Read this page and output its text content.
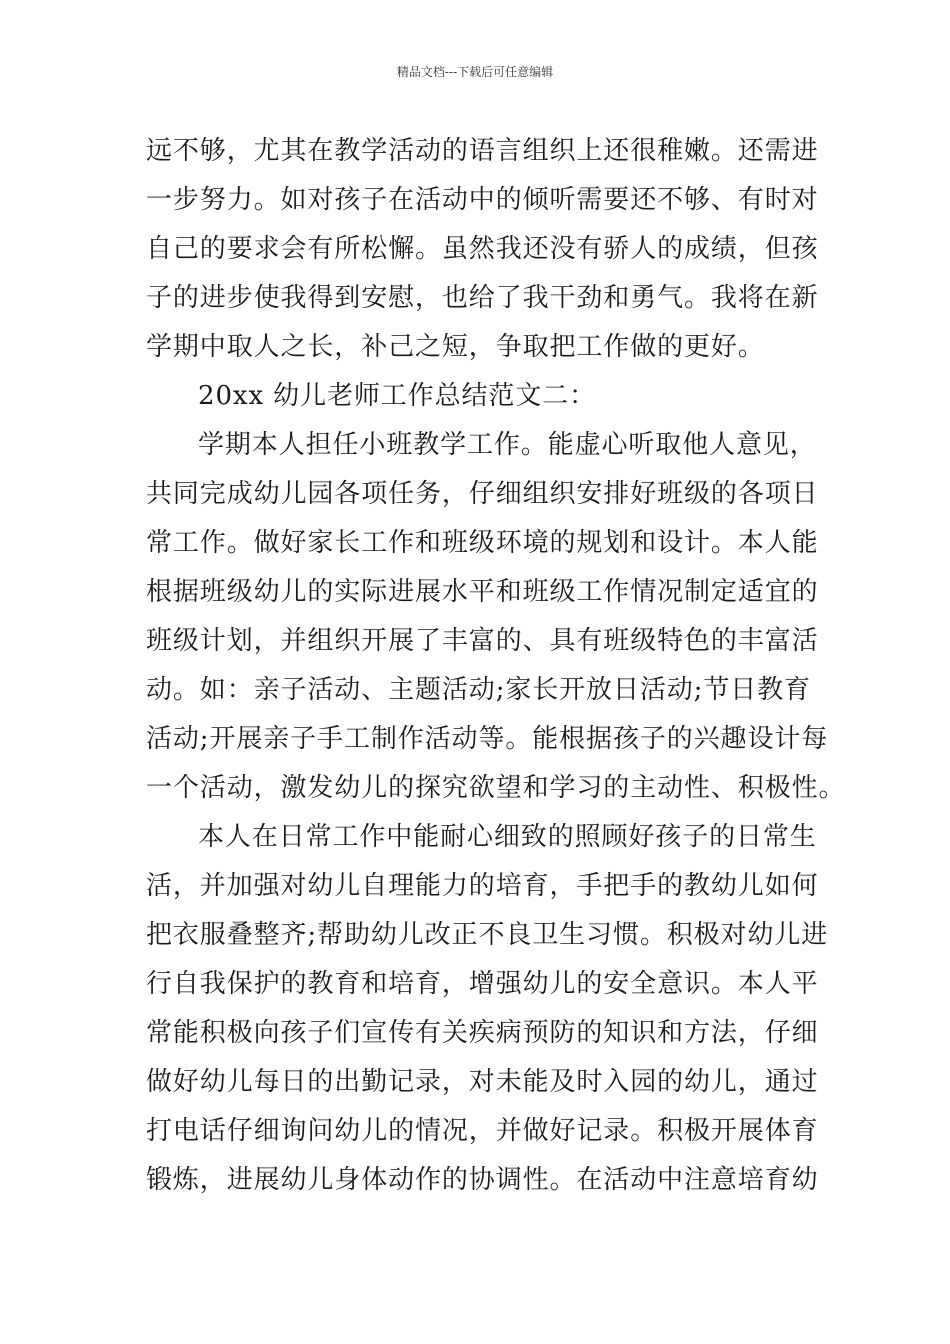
精品文档---下载后可任意编辑
远不够，尤其在教学活动的语言组织上还很稚嫩。还需进
一步努力。如对孩子在活动中的倾听需要还不够、有时对
自己的要求会有所松懈。虽然我还没有骄人的成绩，但孩
子的进步使我得到安慰，也给了我干劲和勇气。我将在新
学期中取人之长，补己之短，争取把工作做的更好。
20xx 幼儿老师工作总结范文二：
学期本人担任小班教学工作。能虚心听取他人意见，
共同完成幼儿园各项任务，仔细组织安排好班级的各项日
常工作。做好家长工作和班级环境的规划和设计。本人能
根据班级幼儿的实际进展水平和班级工作情况制定适宜的
班级计划，并组织开展了丰富的、具有班级特色的丰富活
动。如：亲子活动、主题活动;家长开放日活动;节日教育
活动;开展亲子手工制作活动等。能根据孩子的兴趣设计每
一个活动，激发幼儿的探究欲望和学习的主动性、积极性。
本人在日常工作中能耐心细致的照顾好孩子的日常生
活，并加强对幼儿自理能力的培育，手把手的教幼儿如何
把衣服叠整齐;帮助幼儿改正不良卫生习惯。积极对幼儿进
行自我保护的教育和培育，增强幼儿的安全意识。本人平
常能积极向孩子们宣传有关疾病预防的知识和方法，仔细
做好幼儿每日的出勤记录，对未能及时入园的幼儿，通过
打电话仔细询问幼儿的情况，并做好记录。积极开展体育
锻炼，进展幼儿身体动作的协调性。在活动中注意培育幼
